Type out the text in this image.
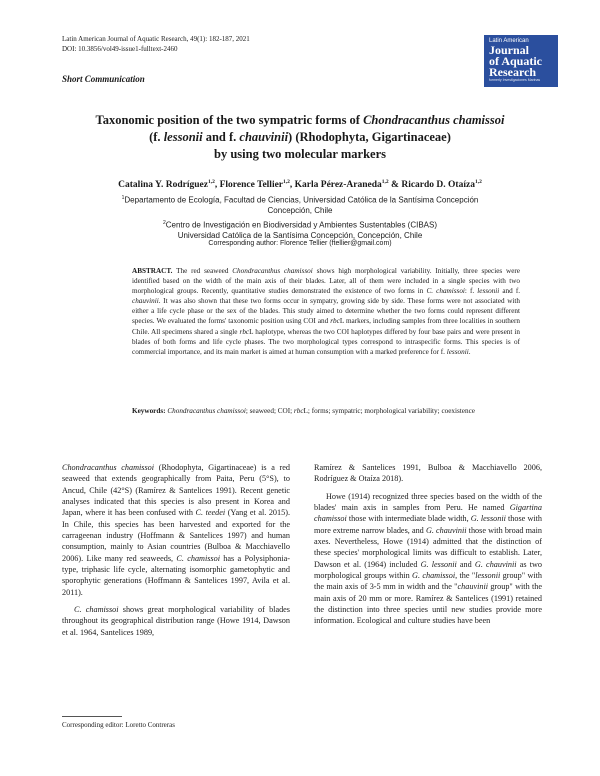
Latin American Journal of Aquatic Research, 49(1): 182-187, 2021
DOI: 10.3856/vol49-issue1-fulltext-2460
Latin American
Journal
of Aquatic
Research
formerly Investigaciones Marinas
Short Communication
Taxonomic position of the two sympatric forms of Chondracanthus chamissoi
(f. lessonii and f. chauvinii) (Rhodophyta, Gigartinaceae)
by using two molecular markers
Catalina Y. Rodríguez$^{1,2}$, Florence Tellier$^{1,2}$, Karla Pérez-Araneda$^{1,2}$ & Ricardo D. Otaíza$^{1,2}$
$^1$Departamento de Ecología, Facultad de Ciencias, Universidad Católica de la Santísima Concepción
Concepción, Chile
$^2$Centro de Investigación en Biodiversidad y Ambientes Sustentables (CIBAS)
Universidad Católica de la Santísima Concepción, Concepción, Chile
Corresponding author: Florence Tellier (ftellier@gmail.com)
ABSTRACT. The red seaweed Chondracanthus chamissoi shows high morphological variability. Initially, three species were identified based on the width of the main axis of their blades. Later, all of them were included in a single species with two morphological groups. Recently, quantitative studies demonstrated the existence of two forms in C. chamissoi: f. lessonii and f. chauvinii. It was also shown that these two forms occur in sympatry, growing side by side. These forms were not associated with either a life cycle phase or the sex of the blades. This study aimed to determine whether the two forms could represent different species. We evaluated the forms' taxonomic position using COI and rbcL markers, including samples from three localities in southern Chile. All specimens shared a single rbcL haplotype, whereas the two COI haplotypes differed by four base pairs and were present in blades of both forms and life cycle phases. The two morphological types correspond to intraspecific forms. This species is of commercial importance, and its main market is aimed at human consumption with a marked preference for f. lessonii.
Keywords: Chondracanthus chamissoi; seaweed; COI; rbcL; forms; sympatric; morphological variability; coexistence

Chondracanthus chamissoi (Rhodophyta, Gigartinaceae) is a red seaweed that extends geographically from Paita, Peru (5°S), to Ancud, Chile (42°S) (Ramírez & Santelices 1991). Recent genetic analyses indicated that this species is also present in Korea and Japan, where it has been confused with C. teedei (Yang et al. 2015). In Chile, this species has been harvested and exported for the carrageenan industry (Hoffmann & Santelices 1997) and human consumption, mainly to Asian countries (Bulboa & Macchiavello 2006). Like many red seaweeds, C. chamissoi has a Polysiphonia-type, triphasic life cycle, alternating isomorphic gametophytic and sporophytic generations (Hoffmann & Santelices 1997, Avila et al. 2011).

C. chamissoi shows great morphological variability of blades throughout its geographical distribution range (Howe 1914, Dawson et al. 1964, Santelices 1989,

Ramírez & Santelices 1991, Bulboa & Macchiavello 2006, Rodríguez & Otaíza 2018).

Howe (1914) recognized three species based on the width of the blades' main axis in samples from Peru. He named Gigartina chamissoi those with intermediate blade width, G. lessonii those with more extreme narrow blades, and G. chauvinii those with broad main axes. Nevertheless, Howe (1914) admitted that the distinction of these species' morphological limits was difficult to establish. Later, Dawson et al. (1964) included G. lessonii and G. chauvinii as two morphological groups within G. chamissoi, the "lessonii group" with the main axis of 3-5 mm in width and the "chauvinii group" with the main axis of 20 mm or more. Ramírez & Santelices (1991) retained the distinction into three species until new studies provide more information. Ecological and culture studies have been

Corresponding editor: Loretto Contreras
